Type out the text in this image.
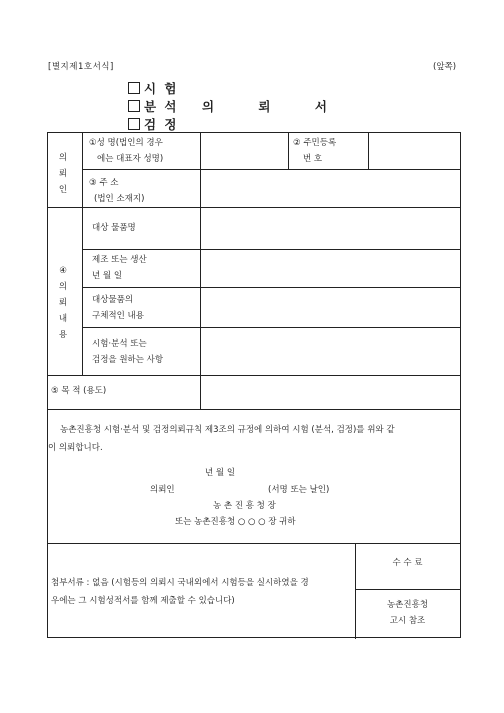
[별지제1호서식]	(앞쪽)
시 험
분 석
검 정
의 뢰 서
의
뢰
인
①성 명(법인의 경우
에는 대표자 성명)
② 주민등록
번 호
③ 주 소
(법인 소재지)
④
의
뢰
내
용
대상 물품명
제조 또는 생산
년 월 일
대상물품의
구체적인 내용
시험·분석 또는
검정을 원하는 사항
⑤ 목 적 (용도)
농촌진흥청 시험·분석 및 검정의뢰규칙 제3조의 규정에 의하여 시험 (분석, 검정)를 위와 같
이 의뢰합니다.
년 월 일
의뢰인	(서명 또는 날인)
농 촌 진 흥 청 장
또는 농촌진흥청 ○ ○ ○ 장 귀하
첨부서류 : 없음 (시험등의 의뢰시 국내외에서 시험등을 실시하였을 경
우에는 그 시험성적서를 함께 제출할 수 있습니다)
수 수 료
농촌진흥청
고시 참조
